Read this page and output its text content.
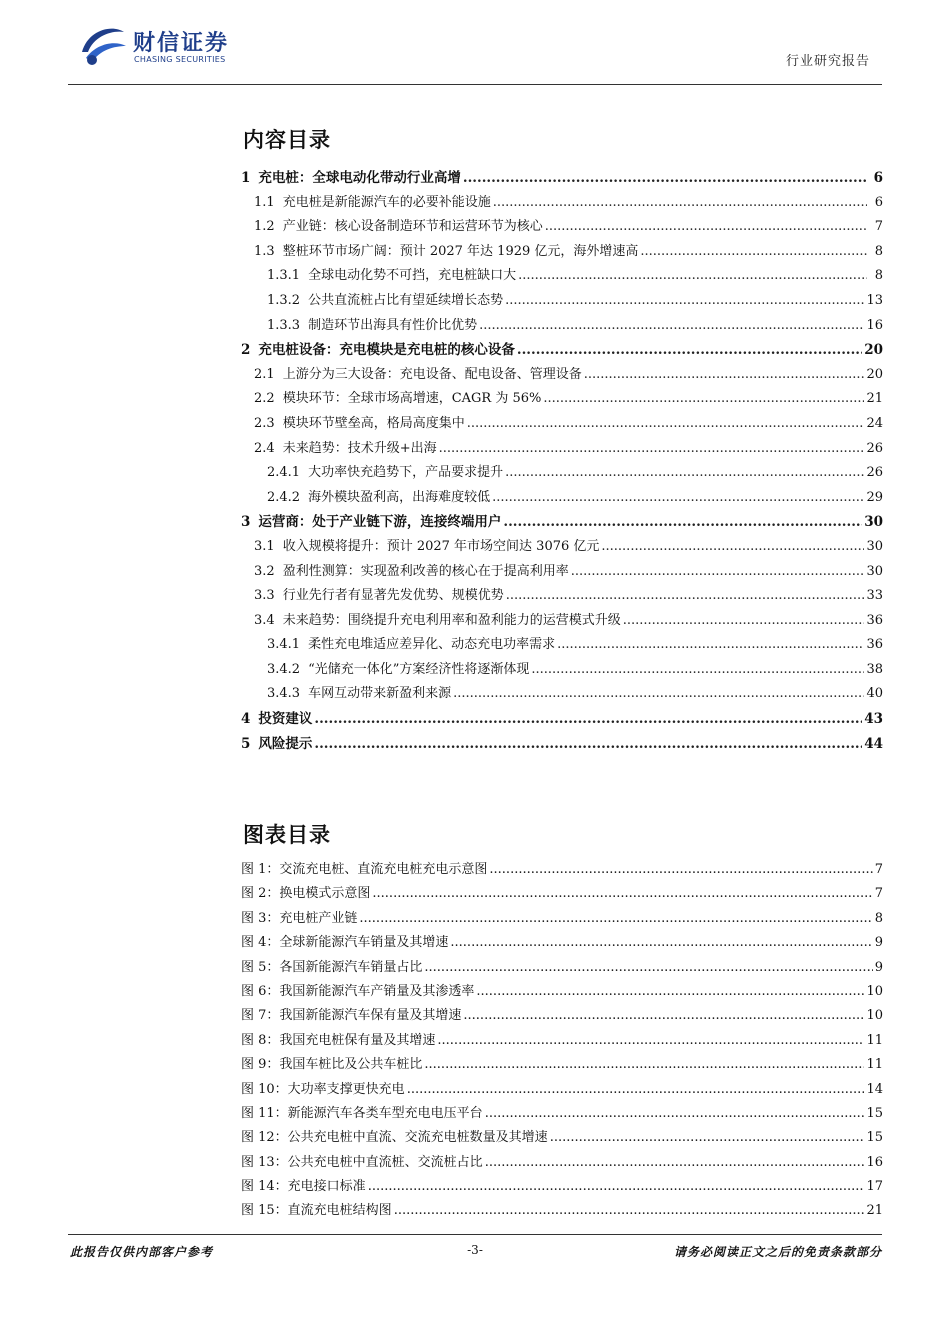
财信证券
CHASING SECURITIES	行业研究报告
内容目录
1 充电桩：全球电动化带动行业高增 .....	6
1.1 充电桩是新能源汽车的必要补能设施 .....	6
1.2 产业链：核心设备制造环节和运营环节为核心 .....	7
1.3 整桩环节市场广阔：预计 2027 年达 1929 亿元，海外增速高 .....	8
1.3.1 全球电动化势不可挡，充电桩缺口大 .....	8
1.3.2 公共直流桩占比有望延续增长态势 .....	13
1.3.3 制造环节出海具有性价比优势 .....	16
2 充电桩设备：充电模块是充电桩的核心设备 .....	20
2.1 上游分为三大设备：充电设备、配电设备、管理设备 .....	20
2.2 模块环节：全球市场高增速，CAGR 为 56% .....	21
2.3 模块环节壁垒高，格局高度集中 .....	24
2.4 未来趋势：技术升级+出海 .....	26
2.4.1 大功率快充趋势下，产品要求提升 .....	26
2.4.2 海外模块盈利高，出海难度较低 .....	29
3 运营商：处于产业链下游，连接终端用户 .....	30
3.1 收入规模将提升：预计 2027 年市场空间达 3076 亿元 .....	30
3.2 盈利性测算：实现盈利改善的核心在于提高利用率 .....	30
3.3 行业先行者有显著先发优势、规模优势 .....	33
3.4 未来趋势：围绕提升充电利用率和盈利能力的运营模式升级 .....	36
3.4.1 柔性充电堆适应差异化、动态充电功率需求 .....	36
3.4.2 “光储充一体化”方案经济性将逐渐体现 .....	38
3.4.3 车网互动带来新盈利来源 .....	40
4 投资建议 .....	43
5 风险提示 .....	44
图表目录
图 1：交流充电桩、直流充电桩充电示意图 .....	7
图 2：换电模式示意图 .....	7
图 3：充电桩产业链 .....	8
图 4：全球新能源汽车销量及其增速 .....	9
图 5：各国新能源汽车销量占比 .....	9
图 6：我国新能源汽车产销量及其渗透率 .....	10
图 7：我国新能源汽车保有量及其增速 .....	10
图 8：我国充电桩保有量及其增速 .....	11
图 9：我国车桩比及公共车桩比 .....	11
图 10：大功率支撑更快充电 .....	14
图 11：新能源汽车各类车型充电电压平台 .....	15
图 12：公共充电桩中直流、交流充电桩数量及其增速 .....	15
图 13：公共充电桩中直流桩、交流桩占比 .....	16
图 14：充电接口标准 .....	17
图 15：直流充电桩结构图 .....	21
此报告仅供内部客户参考	-3-	请务必阅读正文之后的免责条款部分
